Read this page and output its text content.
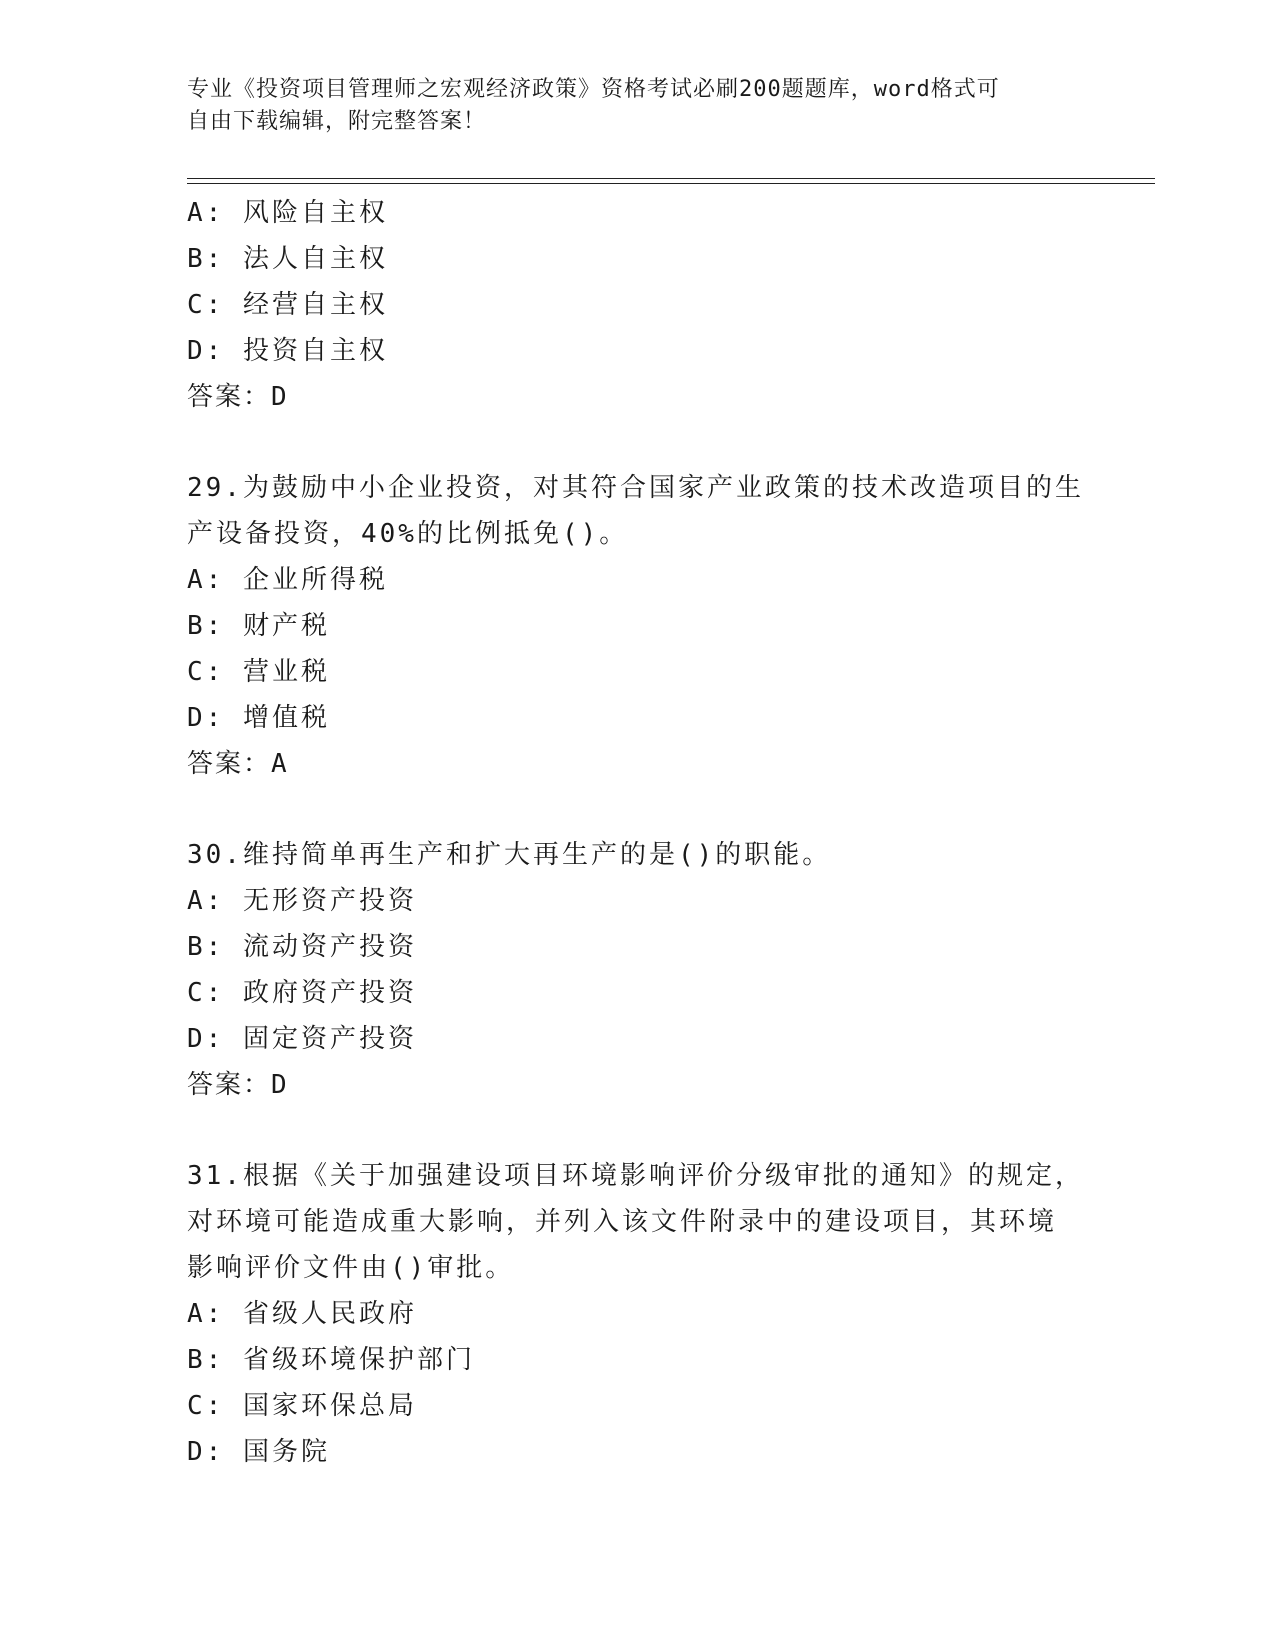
专业《投资项目管理师之宏观经济政策》资格考试必刷200题题库，word格式可
自由下载编辑，附完整答案！
A: 风险自主权
B: 法人自主权
C: 经营自主权
D: 投资自主权
答案：D
29.为鼓励中小企业投资，对其符合国家产业政策的技术改造项目的生
产设备投资，40%的比例抵免()。
A: 企业所得税
B: 财产税
C: 营业税
D: 增值税
答案：A
30.维持简单再生产和扩大再生产的是()的职能。
A: 无形资产投资
B: 流动资产投资
C: 政府资产投资
D: 固定资产投资
答案：D
31.根据《关于加强建设项目环境影响评价分级审批的通知》的规定，
对环境可能造成重大影响，并列入该文件附录中的建设项目，其环境
影响评价文件由()审批。
A: 省级人民政府
B: 省级环境保护部门
C: 国家环保总局
D: 国务院
